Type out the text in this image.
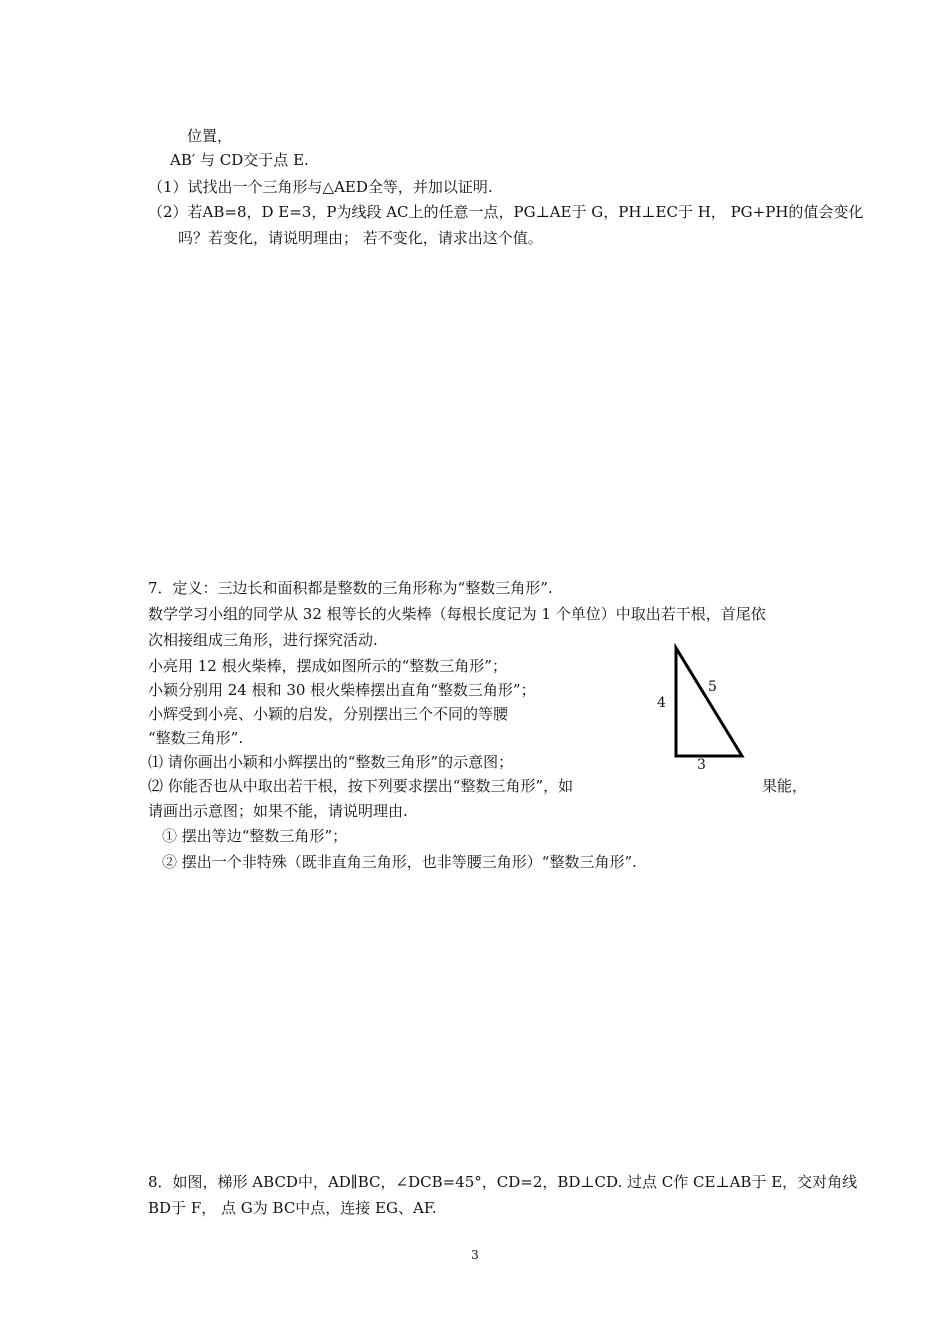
位置，
AB′ 与 CD交于点 E.
（1）试找出一个三角形与△AED全等，并加以证明.
（2）若AB=8，D E=3，P为线段 AC上的任意一点，PG⊥AE于 G，PH⊥EC于 H， PG+PH的值会变化
吗？若变化，请说明理由； 若不变化，请求出这个值。
7．定义：三边长和面积都是整数的三角形称为“整数三角形”.
数学学习小组的同学从 32 根等长的火柴棒（每根长度记为 1 个单位）中取出若干根，首尾依
次相接组成三角形，进行探究活动.
小亮用 12 根火柴棒，摆成如图所示的“整数三角形”；
小颖分别用 24 根和 30 根火柴棒摆出直角“整数三角形”；
小辉受到小亮、小颖的启发，分别摆出三个不同的等腰
“整数三角形”.
⑴ 请你画出小颖和小辉摆出的“整数三角形”的示意图；
⑵ 你能否也从中取出若干根，按下列要求摆出“整数三角形”，如	果能，
请画出示意图；如果不能，请说明理由.
① 摆出等边“整数三角形”；
② 摆出一个非特殊（既非直角三角形，也非等腰三角形）“整数三角形”.
4
5
3
8．如图，梯形 ABCD中，AD∥BC，∠DCB=45°，CD=2，BD⊥CD. 过点 C作 CE⊥AB于 E，交对角线
BD于 F， 点 G为 BC中点，连接 EG、AF.
3
